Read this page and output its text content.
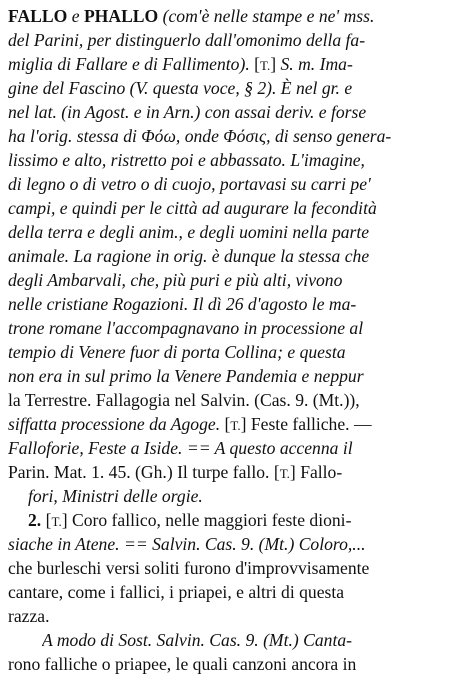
FALLO e PHALLO (com'è nelle stampe e ne' mss.
del Parini, per distinguerlo dall'omonimo della fa-
miglia di Fallare e di Fallimento). [T.] S. m. Ima-
gine del Fascino (V. questa voce, § 2). È nel gr. e
nel lat. (in Agost. e in Arn.) con assai deriv. e forse
ha l'orig. stessa di Φόω, onde Φόσις, di senso genera-
lissimo e alto, ristretto poi e abbassato. L'imagine,
di legno o di vetro o di cuojo, portavasi su carri pe'
campi, e quindi per le città ad augurare la fecondità
della terra e degli anim., e degli uomini nella parte
animale. La ragione in orig. è dunque la stessa che
degli Ambarvali, che, più puri e più alti, vivono
nelle cristiane Rogazioni. Il dì 26 d'agosto le ma-
trone romane l'accompagnavano in processione al
tempio di Venere fuor di porta Collina; e questa
non era in sul primo la Venere Pandemia e neppur
la Terrestre. Fallagogia nel Salvin. (Cas. 9. (Mt.)),
siffatta processione da Agoge. [T.] Feste falliche. —
Falloforie, Feste a Iside. == A questo accenna il
Parin. Mat. 1. 45. (Gh.) Il turpe fallo. [T.] Fallo-
fori, Ministri delle orgie.
2. [T.] Coro fallico, nelle maggiori feste dioni-
siache in Atene. == Salvin. Cas. 9. (Mt.) Coloro,...
che burleschi versi soliti furono d'improvvisamente
cantare, come i fallici, i priapei, e altri di questa
razza.
A modo di Sost. Salvin. Cas. 9. (Mt.) Canta-
rono falliche o priapee, le quali canzoni ancora in
